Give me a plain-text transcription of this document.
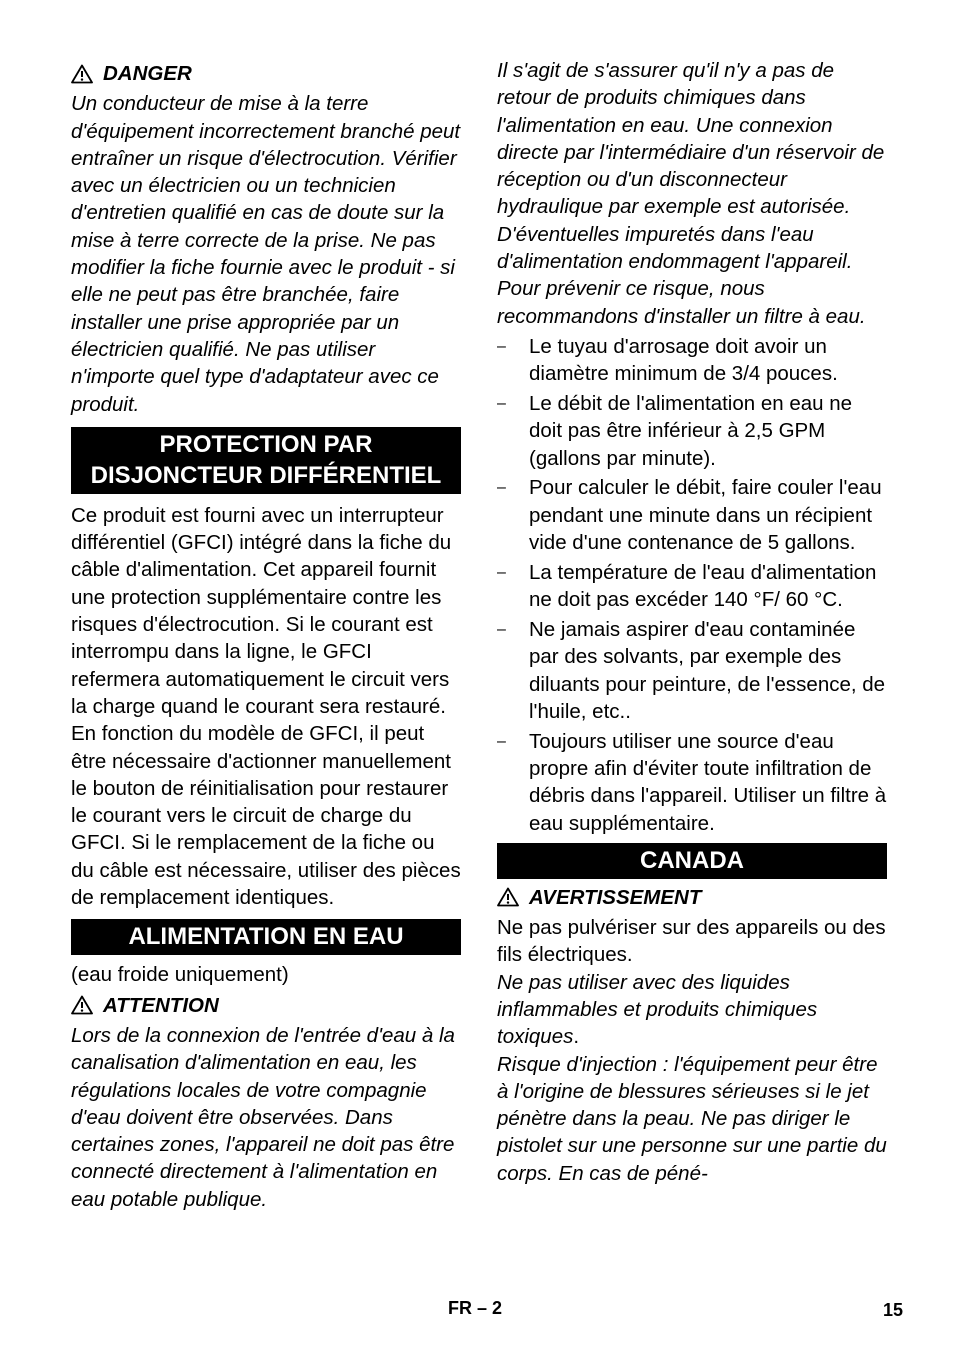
DANGER

Un conducteur de mise à la terre d'équipement incorrectement branché peut entraîner un risque d'électrocution. Vérifier avec un électricien ou un technicien d'entretien qualifié en cas de doute sur la mise à terre correcte de la prise. Ne pas modifier la fiche fournie avec le produit - si elle ne peut pas être branchée, faire installer une prise appropriée par un électricien qualifié. Ne pas utiliser n'importe quel type d'adaptateur avec ce produit.

PROTECTION PAR DISJONCTEUR DIFFÉRENTIEL

Ce produit est fourni avec un interrupteur différentiel (GFCI) intégré dans la fiche du câble d'alimentation. Cet appareil fournit une protection supplémentaire contre les risques d'électrocution. Si le courant est interrompu dans la ligne, le GFCI refermera automatiquement le circuit vers la charge quand le courant sera restauré. En fonction du modèle de GFCI, il peut être nécessaire d'actionner manuellement le bouton de réinitialisation pour restaurer le courant vers le circuit de charge du GFCI. Si le remplacement de la fiche ou du câble est nécessaire, utiliser des pièces de remplacement identiques.

ALIMENTATION EN EAU

(eau froide uniquement)

ATTENTION

Lors de la connexion de l'entrée d'eau à la canalisation d'alimentation en eau, les régulations locales de votre compagnie d'eau doivent être observées. Dans certaines zones, l'appareil ne doit pas être connecté directement à l'alimentation en eau potable publique.

Il s'agit de s'assurer qu'il n'y a pas de retour de produits chimiques dans l'alimentation en eau. Une connexion directe par l'intermédiaire d'un réservoir de réception ou d'un disconnecteur hydraulique par exemple est autorisée. D'éventuelles impuretés dans l'eau d'alimentation endommagent l'appareil. Pour prévenir ce risque, nous recommandons d'installer un filtre à eau.

–	Le tuyau d'arrosage doit avoir un diamètre minimum de 3/4 pouces.
–	Le débit de l'alimentation en eau ne doit pas être inférieur à 2,5 GPM (gallons par minute).
–	Pour calculer le débit, faire couler l'eau pendant une minute dans un récipient vide d'une contenance de 5 gallons.
–	La température de l'eau d'alimentation ne doit pas excéder 140 °F/ 60 °C.
–	Ne jamais aspirer d'eau contaminée par des solvants, par exemple des diluants pour peinture, de l'essence, de l'huile, etc..
–	Toujours utiliser une source d'eau propre afin d'éviter toute infiltration de débris dans l'appareil. Utiliser un filtre à eau supplémentaire.
CANADA
AVERTISSEMENT

Ne pas pulvériser sur des appareils ou des fils électriques.

Ne pas utiliser avec des liquides inflammables et produits chimiques toxiques.

Risque d'injection : l'équipement peur être à l'origine de blessures sérieuses si le jet pénètre dans la peau. Ne pas diriger le pistolet sur une personne sur une partie du corps. En cas de péné-

FR – 2	15
